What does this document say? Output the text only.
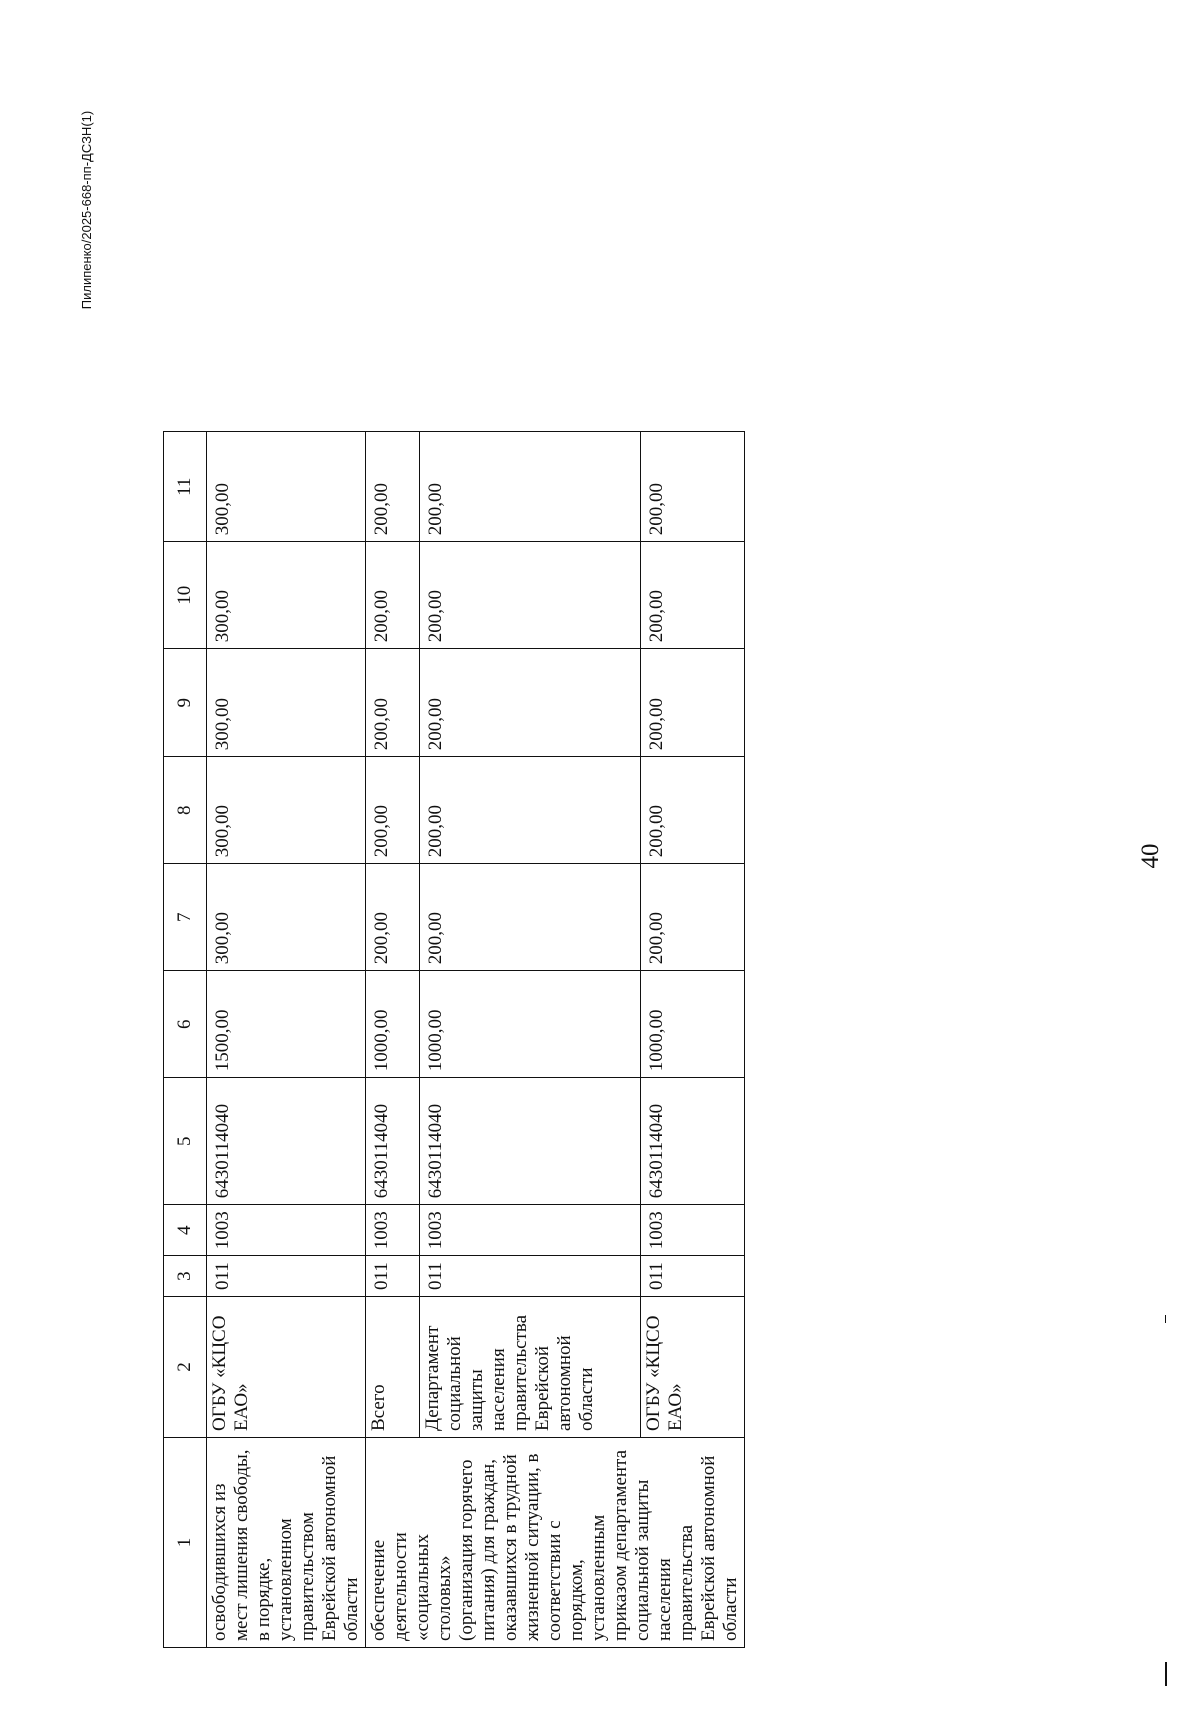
40
1	2	3	4	5	6	7	8	9	10	11
освободившихся из мест лишения свободы, в порядке, установленном правительством Еврейской автономной области	ОГБУ «КЦСО ЕАО»	011	1003	6430114040	1500,00	300,00	300,00	300,00	300,00	300,00
обеспечение деятельности «социальных столовых» (организация горячего питания) для граждан, оказавшихся в трудной жизненной ситуации, в соответствии с порядком, установленным приказом департамента социальной защиты населения правительства Еврейской автономной области	Всего	011	1003	6430114040	1000,00	200,00	200,00	200,00	200,00	200,00
	Департамент социальной защиты населения правительства Еврейской автономной области	011	1003	6430114040	1000,00	200,00	200,00	200,00	200,00	200,00
	ОГБУ «КЦСО ЕАО»	011	1003	6430114040	1000,00	200,00	200,00	200,00	200,00	200,00
Пилипенко/2025-668-пп-ДСЗН(1)
